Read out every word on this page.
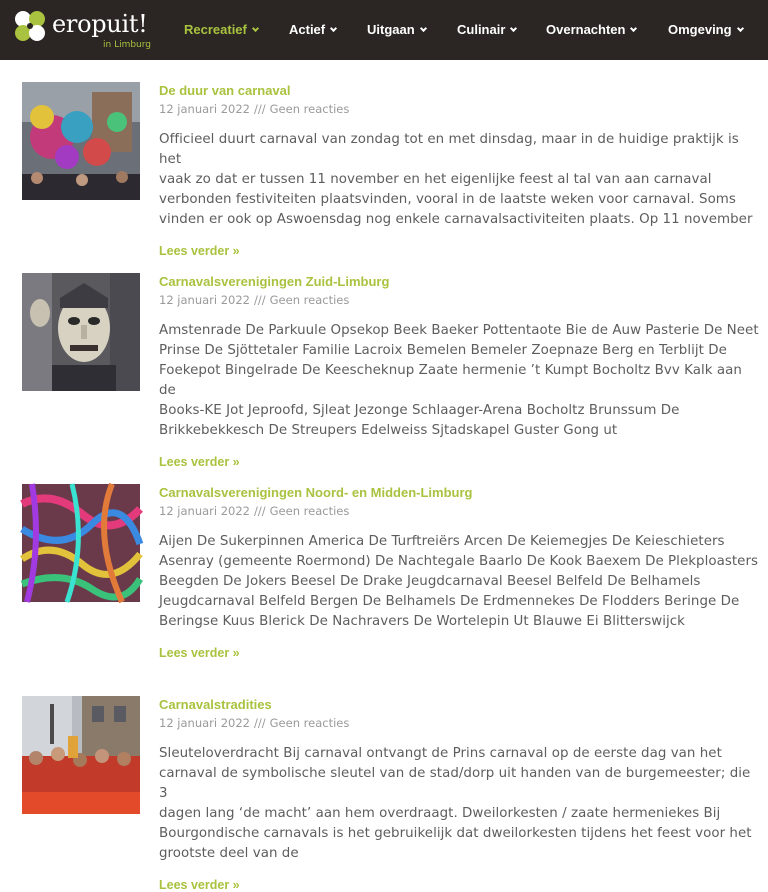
eropuit!
in Limburg
Recreatief	Actief	Uitgaan	Culinair	Overnachten	Omgeving
De duur van carnaval
12 januari 2022 /// Geen reacties
Officieel duurt carnaval van zondag tot en met dinsdag, maar in de huidige praktijk is het
vaak zo dat er tussen 11 november en het eigenlijke feest al tal van aan carnaval
verbonden festiviteiten plaatsvinden, vooral in de laatste weken voor carnaval. Soms
vinden er ook op Aswoensdag nog enkele carnavalsactiviteiten plaats. Op 11 november
Lees verder »
Carnavalsverenigingen Zuid-Limburg
12 januari 2022 /// Geen reacties
Amstenrade De Parkuule Opsekop Beek Baeker Pottentaote Bie de Auw Pasterie De Neet
Prinse De Sjöttetaler Familie Lacroix Bemelen Bemeler Zoepnaze Berg en Terblijt De
Foekepot Bingelrade De Keescheknup Zaate hermenie ’t Kumpt Bocholtz Bvv Kalk aan de
Books-KE Jot Jeproofd, Sjleat Jezonge Schlaager-Arena Bocholtz Brunssum De
Brikkebekkesch De Streupers Edelweiss Sjtadskapel Guster Gong ut
Lees verder »
Carnavalsverenigingen Noord- en Midden-Limburg
12 januari 2022 /// Geen reacties
Aijen De Sukerpinnen America De Turftreiërs Arcen De Keiemegjes De Keieschieters
Asenray (gemeente Roermond) De Nachtegale Baarlo De Kook Baexem De Plekploasters
Beegden De Jokers Beesel De Drake Jeugdcarnaval Beesel Belfeld De Belhamels
Jeugdcarnaval Belfeld Bergen De Belhamels De Erdmennekes De Flodders Beringe De
Beringse Kuus Blerick De Nachravers De Wortelepin Ut Blauwe Ei Blitterswijck
Lees verder »
Carnavalstradities
12 januari 2022 /// Geen reacties
Sleuteloverdracht Bij carnaval ontvangt de Prins carnaval op de eerste dag van het
carnaval de symbolische sleutel van de stad/dorp uit handen van de burgemeester; die 3
dagen lang ‘de macht’ aan hem overdraagt. Dweilorkesten / zaate hermeniekes Bij
Bourgondische carnavals is het gebruikelijk dat dweilorkesten tijdens het feest voor het
grootste deel van de
Lees verder »
